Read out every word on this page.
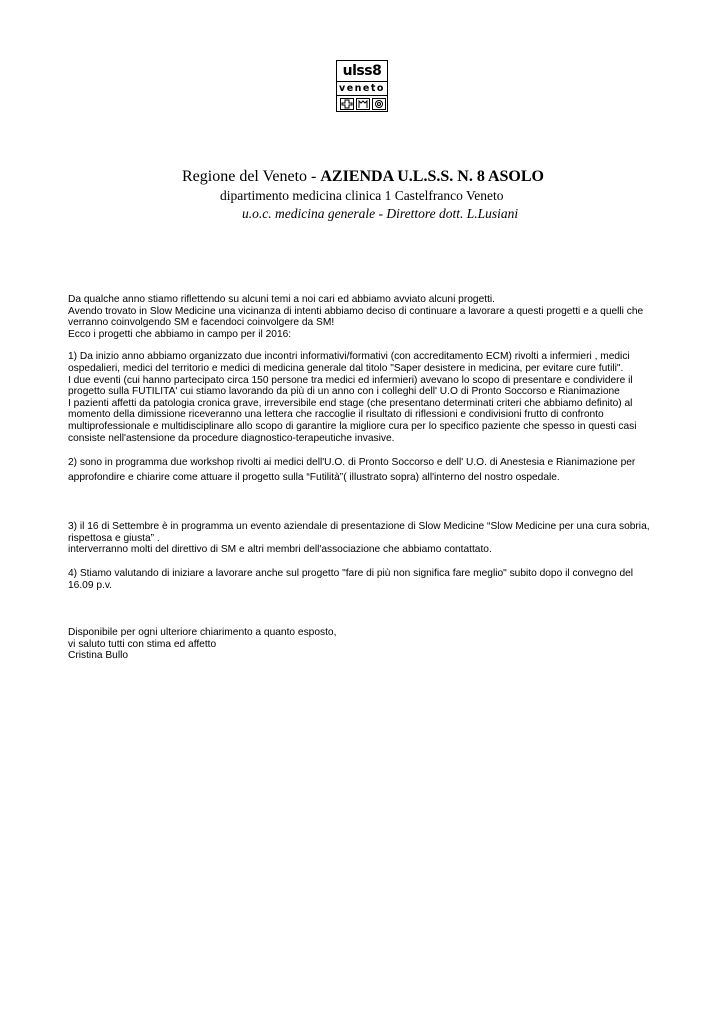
ulss8
veneto
Regione del Veneto - AZIENDA U.L.S.S. N. 8 ASOLO
dipartimento medicina clinica 1 Castelfranco Veneto
u.o.c. medicina generale - Direttore dott. L.Lusiani

Da qualche anno stiamo riflettendo su alcuni temi a noi cari ed abbiamo avviato alcuni progetti.

Avendo trovato in Slow Medicine una vicinanza di intenti abbiamo deciso di continuare a lavorare a questi progetti e a quelli che verranno coinvolgendo SM e facendoci coinvolgere da SM!

Ecco i progetti che abbiamo in campo per il 2016:

1) Da inizio anno abbiamo organizzato due incontri informativi/formativi (con accreditamento ECM) rivolti a infermieri , medici ospedalieri, medici del territorio e medici di medicina generale dal titolo "Saper desistere in medicina, per evitare cure futili".

I due eventi (cui hanno partecipato circa 150 persone tra medici ed infermieri) avevano lo scopo di presentare e condividere il progetto sulla FUTILITA' cui stiamo lavorando da più di un anno con i colleghi dell' U.O di Pronto Soccorso e Rianimazione

I pazienti affetti da patologia cronica grave, irreversibile end stage (che presentano determinati criteri che abbiamo definito) al momento della dimissione riceveranno una lettera che raccoglie il risultato di riflessioni e condivisioni frutto di confronto multiprofessionale e multidisciplinare allo scopo di garantire la migliore cura per lo specifico paziente che spesso in questi casi consiste nell'astensione da procedure diagnostico-terapeutiche invasive.

2) sono in programma due workshop rivolti ai medici dell'U.O. di Pronto Soccorso e dell' U.O. di Anestesia e Rianimazione per approfondire e chiarire come attuare il progetto sulla “Futilità”( illustrato sopra) all'interno del nostro ospedale.

3) il 16 di Settembre è in programma un evento aziendale di presentazione di Slow Medicine “Slow Medicine per una cura sobria, rispettosa e giusta” .

interverranno molti del direttivo di SM e altri membri dell'associazione che abbiamo contattato.

4) Stiamo valutando di iniziare a lavorare anche sul progetto "fare di più non significa fare meglio" subito dopo il convegno del 16.09 p.v.

Disponibile per ogni ulteriore chiarimento a quanto esposto,

vi saluto tutti con stima ed affetto

Cristina Bullo
